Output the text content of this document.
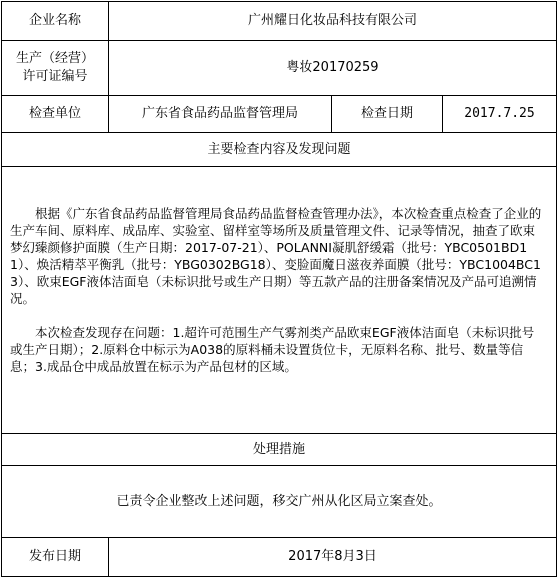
企业名称	广州耀日化妆品科技有限公司		

生产（经营）
许可证编号	粤妆20170259		
检查单位	广东省食品药品监督管理局	检查日期	2017.7.25
主要检查内容及发现问题			

根据《广东省食品药品监督管理局食品药品监督检查管理办法》，本次检查重点检查了企业的生产车间、原料库、成品库、实验室、留样室等场所及质量管理文件、记录等情况，抽查了欧束梦幻臻颜修护面膜（生产日期：2017-07-21）、POLANNI凝肌舒缓霜（批号：YBC0501BD11）、焕活精萃平衡乳（批号：YBG0302BG18）、变脸面魔日滋夜养面膜（批号：YBC1004BC13）、欧束EGF液体洁面皂（未标识批号或生产日期）等五款产品的注册备案情况及产品可追溯情况。
本次检查发现存在问题：1.超许可范围生产气雾剂类产品欧束EGF液体洁面皂（未标识批号或生产日期）；2.原料仓中标示为A038的原料桶未设置货位卡，无原料名称、批号、数量等信息；3.成品仓中成品放置在标示为产品包材的区域。			

处理措施			
已责令企业整改上述问题，移交广州从化区局立案查处。			
发布日期	2017年8月3日		
